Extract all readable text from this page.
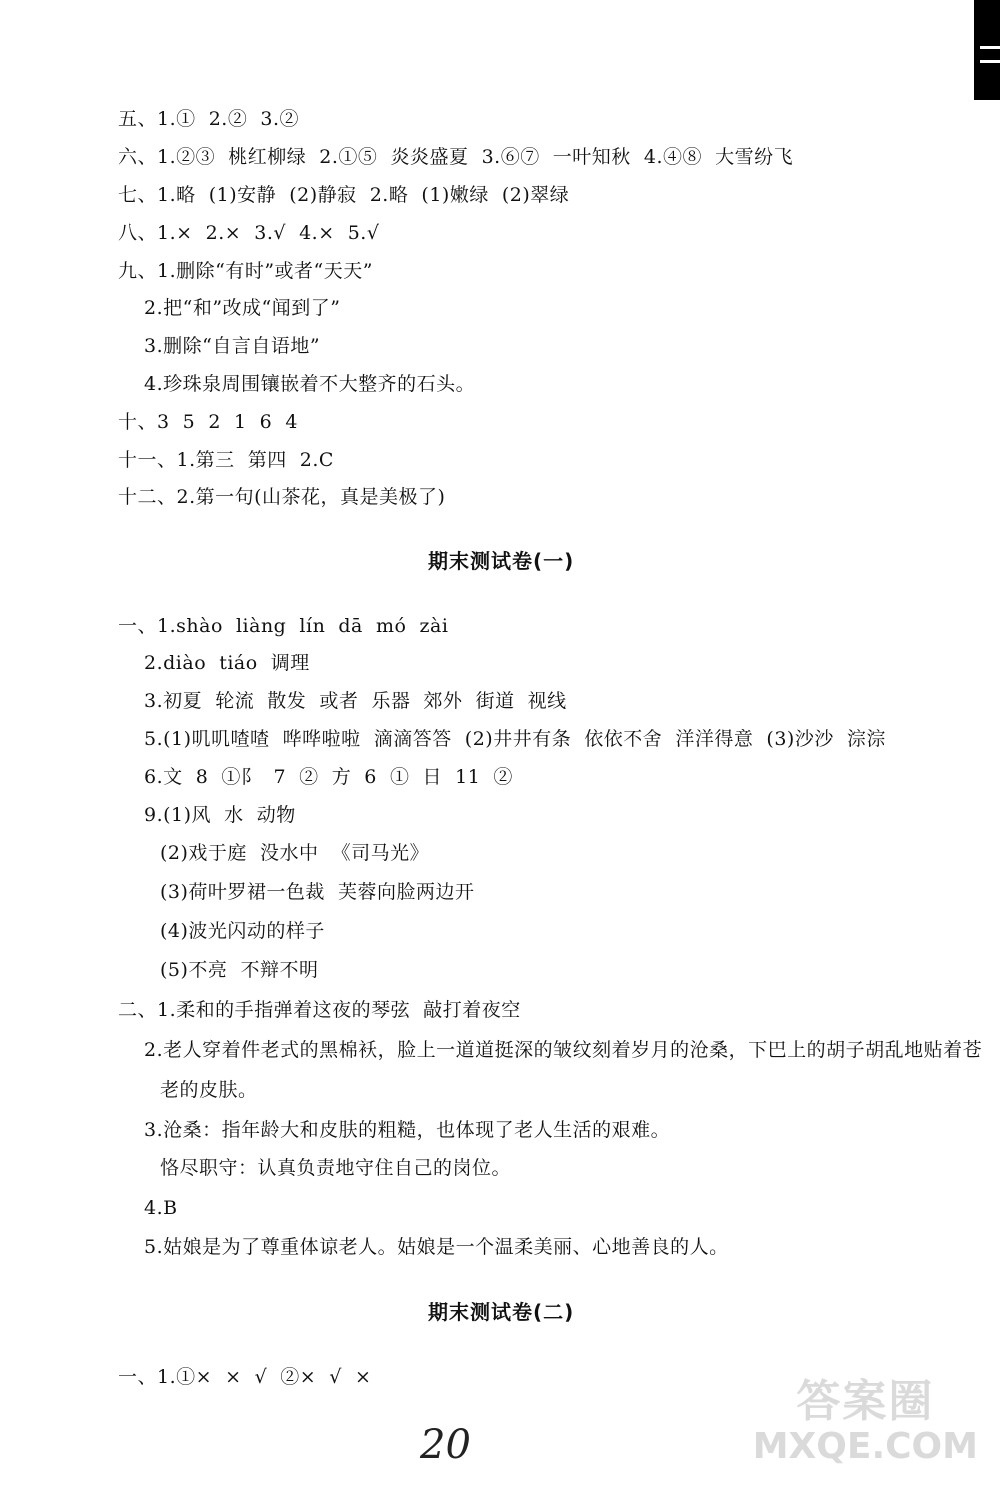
五、1.①  2.②  3.②
六、1.②③  桃红柳绿  2.①⑤  炎炎盛夏  3.⑥⑦  一叶知秋  4.④⑧  大雪纷飞
七、1.略  (1)安静  (2)静寂  2.略  (1)嫩绿  (2)翠绿
八、1.×  2.×  3.√  4.×  5.√
九、1.删除“有时”或者“天天”
2.把“和”改成“闻到了”
3.删除“自言自语地”
4.珍珠泉周围镶嵌着不大整齐的石头。
十、3  5  2  1  6  4
十一、1.第三  第四  2.C
十二、2.第一句(山茶花，真是美极了)
期末测试卷(一)
一、1.shào  liàng  lín  dā  mó  zài
2.diào  tiáo  调理
3.初夏  轮流  散发  或者  乐器  郊外  街道  视线
5.(1)叽叽喳喳  哗哗啦啦  滴滴答答  (2)井井有条  依依不舍  洋洋得意  (3)沙沙  淙淙
6.文  8  ①阝  7  ②  方  6  ①  日  11  ②
9.(1)风  水  动物
(2)戏于庭  没水中  《司马光》
(3)荷叶罗裙一色裁  芙蓉向脸两边开
(4)波光闪动的样子
(5)不亮  不辩不明
二、1.柔和的手指弹着这夜的琴弦  敲打着夜空
2.老人穿着件老式的黑棉袄，脸上一道道挺深的皱纹刻着岁月的沧桑，下巴上的胡子胡乱地贴着苍
老的皮肤。
3.沧桑：指年龄大和皮肤的粗糙，也体现了老人生活的艰难。
恪尽职守：认真负责地守住自己的岗位。
4.B
5.姑娘是为了尊重体谅老人。姑娘是一个温柔美丽、心地善良的人。
期末测试卷(二)
一、1.①×  ×  √  ②×  √  ×
20
答案圈
MXQE.COM
